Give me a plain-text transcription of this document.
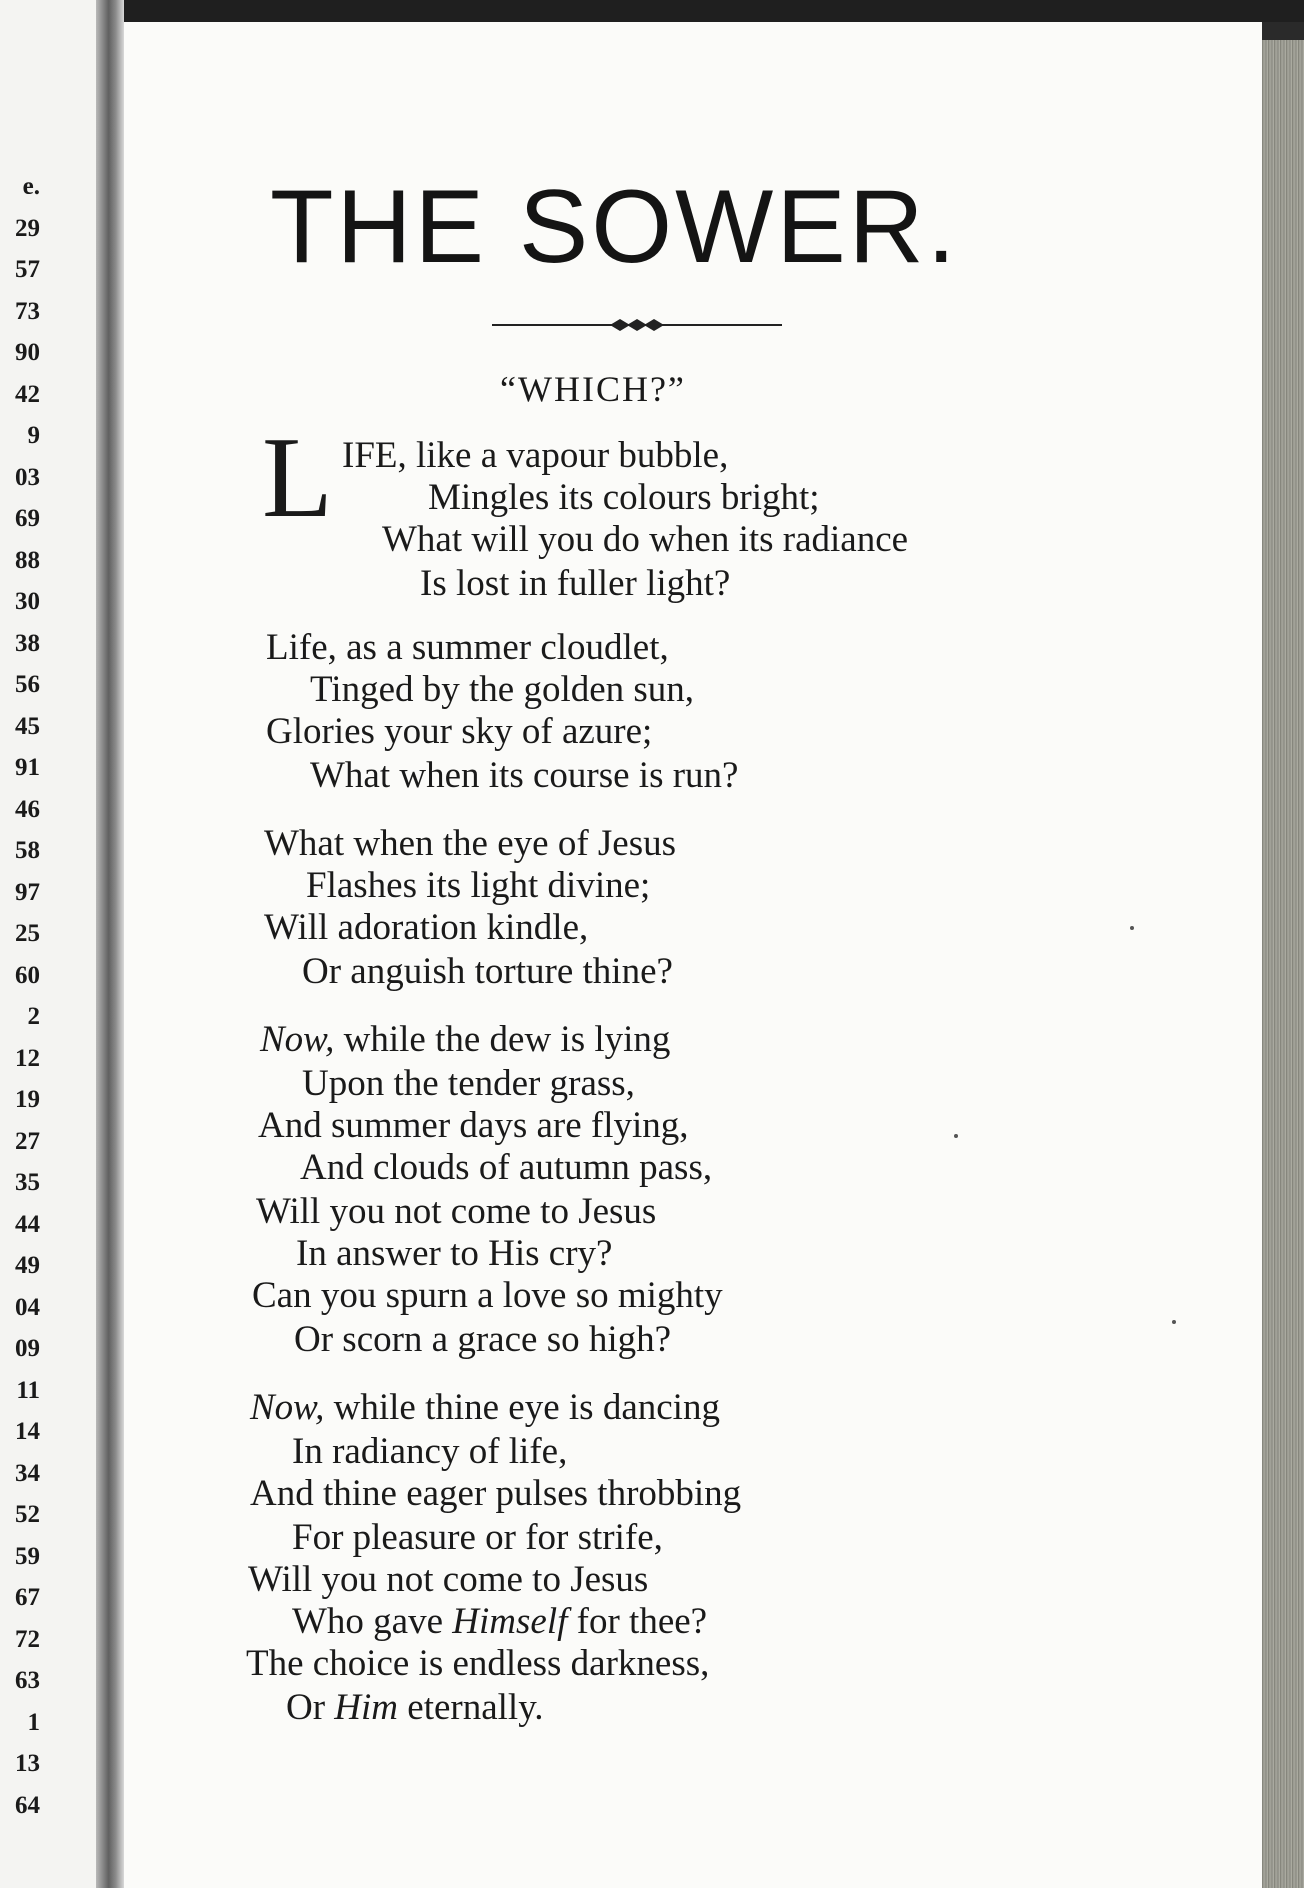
e.
29
57
73
90
42
9
03
69
88
30
38
56
45
91
46
58
97
25
60
2
12
19
27
35
44
49
04
09
11
14
34
52
59
67
72
63
1
13
64
THE SOWER.
“WHICH?”
L IFE, like a vapour bubble,
Mingles its colours bright;
What will you do when its radiance
Is lost in fuller light?
Life, as a summer cloudlet,
Tinged by the golden sun,
Glories your sky of azure;
What when its course is run?
What when the eye of Jesus
Flashes its light divine;
Will adoration kindle,
Or anguish torture thine?
Now, while the dew is lying
Upon the tender grass,
And summer days are flying,
And clouds of autumn pass,
Will you not come to Jesus
In answer to His cry?
Can you spurn a love so mighty
Or scorn a grace so high?
Now, while thine eye is dancing
In radiancy of life,
And thine eager pulses throbbing
For pleasure or for strife,
Will you not come to Jesus
Who gave Himself for thee?
The choice is endless darkness,
Or Him eternally.
